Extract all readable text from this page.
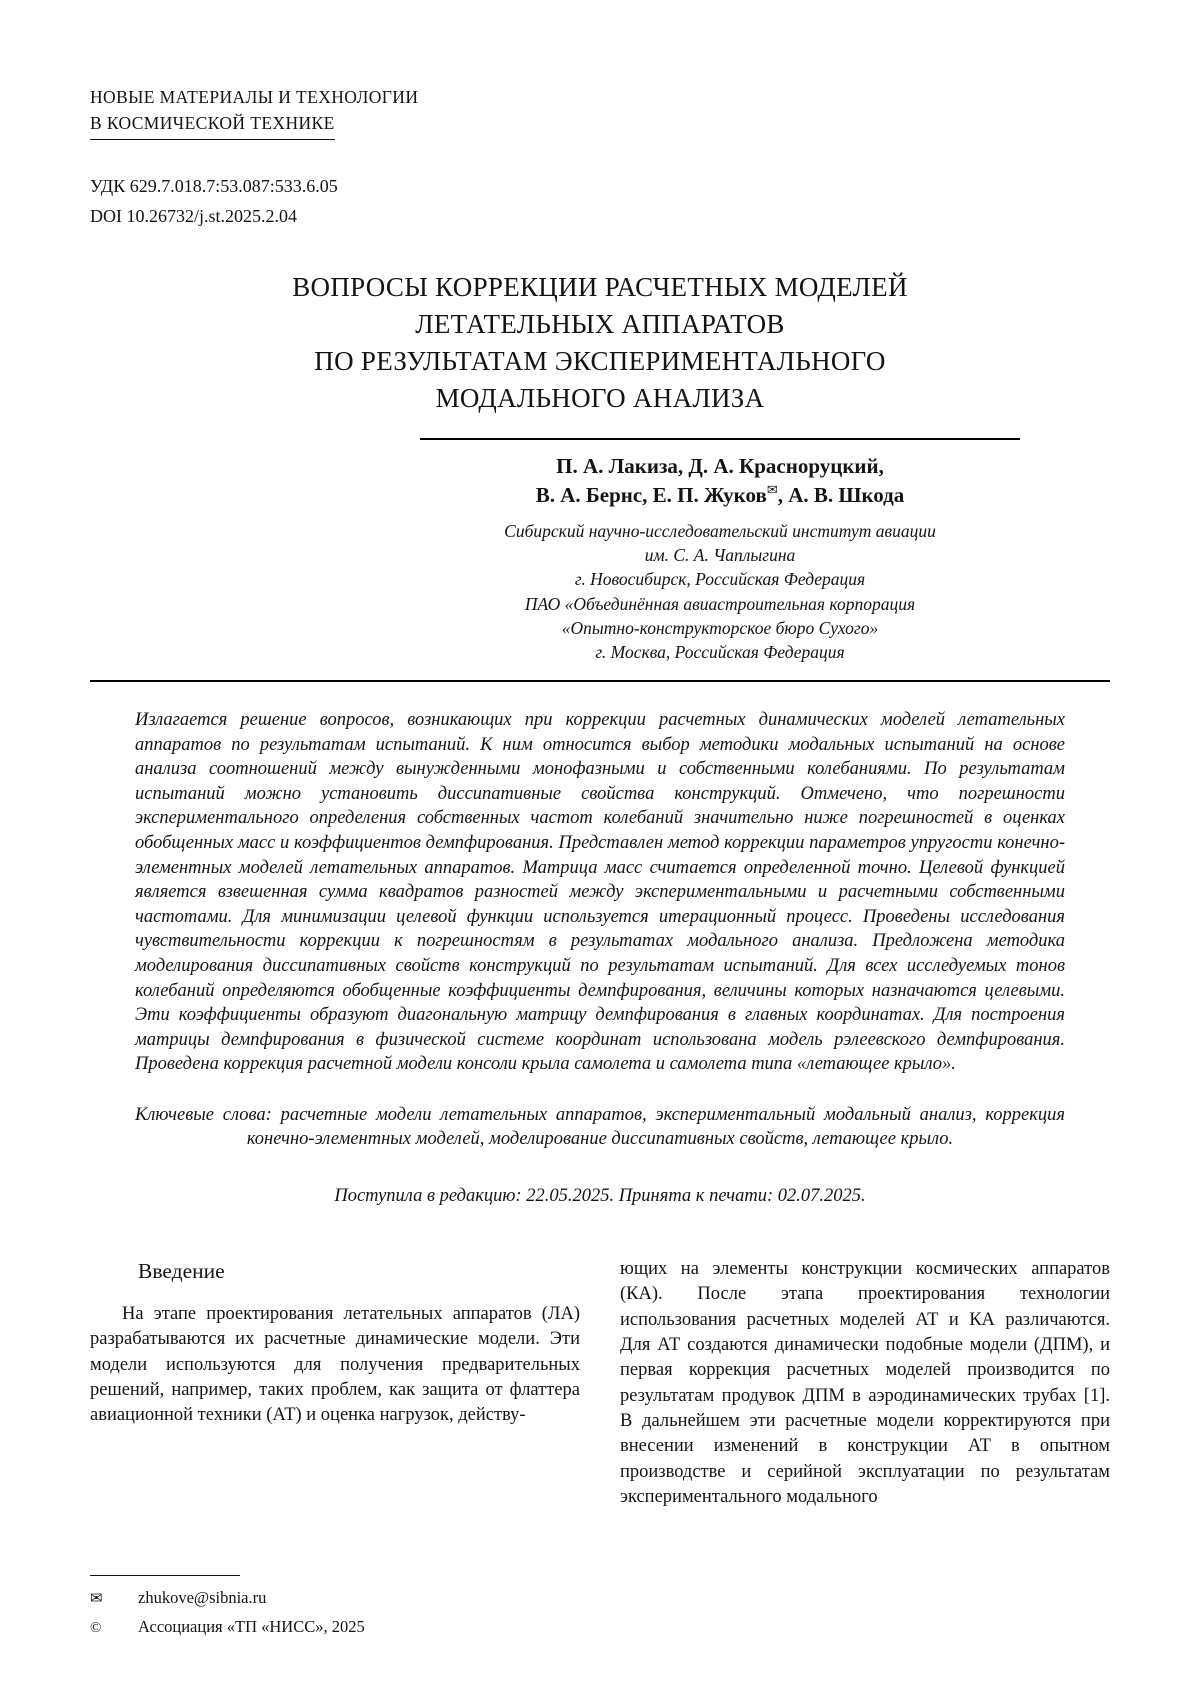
НОВЫЕ МАТЕРИАЛЫ И ТЕХНОЛОГИИ
В КОСМИЧЕСКОЙ ТЕХНИКЕ
УДК 629.7.018.7:53.087:533.6.05
DOI 10.26732/j.st.2025.2.04
ВОПРОСЫ КОРРЕКЦИИ РАСЧЕТНЫХ МОДЕЛЕЙ
ЛЕТАТЕЛЬНЫХ АППАРАТОВ
ПО РЕЗУЛЬТАТАМ ЭКСПЕРИМЕНТАЛЬНОГО
МОДАЛЬНОГО АНАЛИЗА
П. А. Лакиза, Д. А. Красноруцкий,
В. А. Бернс, Е. П. Жуков✉, А. В. Шкода
Сибирский научно-исследовательский институт авиации
им. С. А. Чаплыгина
г. Новосибирск, Российская Федерация
ПАО «Объединённая авиастроительная корпорация
«Опытно-конструкторское бюро Сухого»
г. Москва, Российская Федерация

Излагается решение вопросов, возникающих при коррекции расчетных динамических моделей летательных аппаратов по результатам испытаний. К ним относится выбор методики модальных испытаний на основе анализа соотношений между вынужденными монофазными и собственными колебаниями. По результатам испытаний можно установить диссипативные свойства конструкций. Отмечено, что погрешности экспериментального определения собственных частот колебаний значительно ниже погрешностей в оценках обобщенных масс и коэффициентов демпфирования. Представлен метод коррекции параметров упругости конечно-элементных моделей летательных аппаратов. Матрица масс считается определенной точно. Целевой функцией является взвешенная сумма квадратов разностей между экспериментальными и расчетными собственными частотами. Для минимизации целевой функции используется итерационный процесс. Проведены исследования чувствительности коррекции к погрешностям в результатах модального анализа. Предложена методика моделирования диссипативных свойств конструкций по результатам испытаний. Для всех исследуемых тонов колебаний определяются обобщенные коэффициенты демпфирования, величины которых назначаются целевыми. Эти коэффициенты образуют диагональную матрицу демпфирования в главных координатах. Для построения матрицы демпфирования в физической системе координат использована модель рэлеевского демпфирования. Проведена коррекция расчетной модели консоли крыла самолета и самолета типа «летающее крыло».

Ключевые слова: расчетные модели летательных аппаратов, экспериментальный модальный анализ, коррекция конечно-элементных моделей, моделирование диссипативных свойств, летающее крыло.

Поступила в редакцию: 22.05.2025. Принята к печати: 02.07.2025.
Введение

На этапе проектирования летательных аппаратов (ЛА) разрабатываются их расчетные динамические модели. Эти модели используются для получения предварительных решений, например, таких проблем, как защита от флаттера авиационной техники (АТ) и оценка нагрузок, действу-

ющих на элементы конструкции космических аппаратов (КА). После этапа проектирования технологии использования расчетных моделей АТ и КА различаются. Для АТ создаются динамически подобные модели (ДПМ), и первая коррекция расчетных моделей производится по результатам продувок ДПМ в аэродинамических трубах [1]. В дальнейшем эти расчетные модели корректируются при внесении изменений в конструкции АТ в опытном производстве и серийной эксплуатации по результатам экспериментального модального

✉	zhukove@sibnia.ru
©	Ассоциация «ТП «НИСС», 2025
